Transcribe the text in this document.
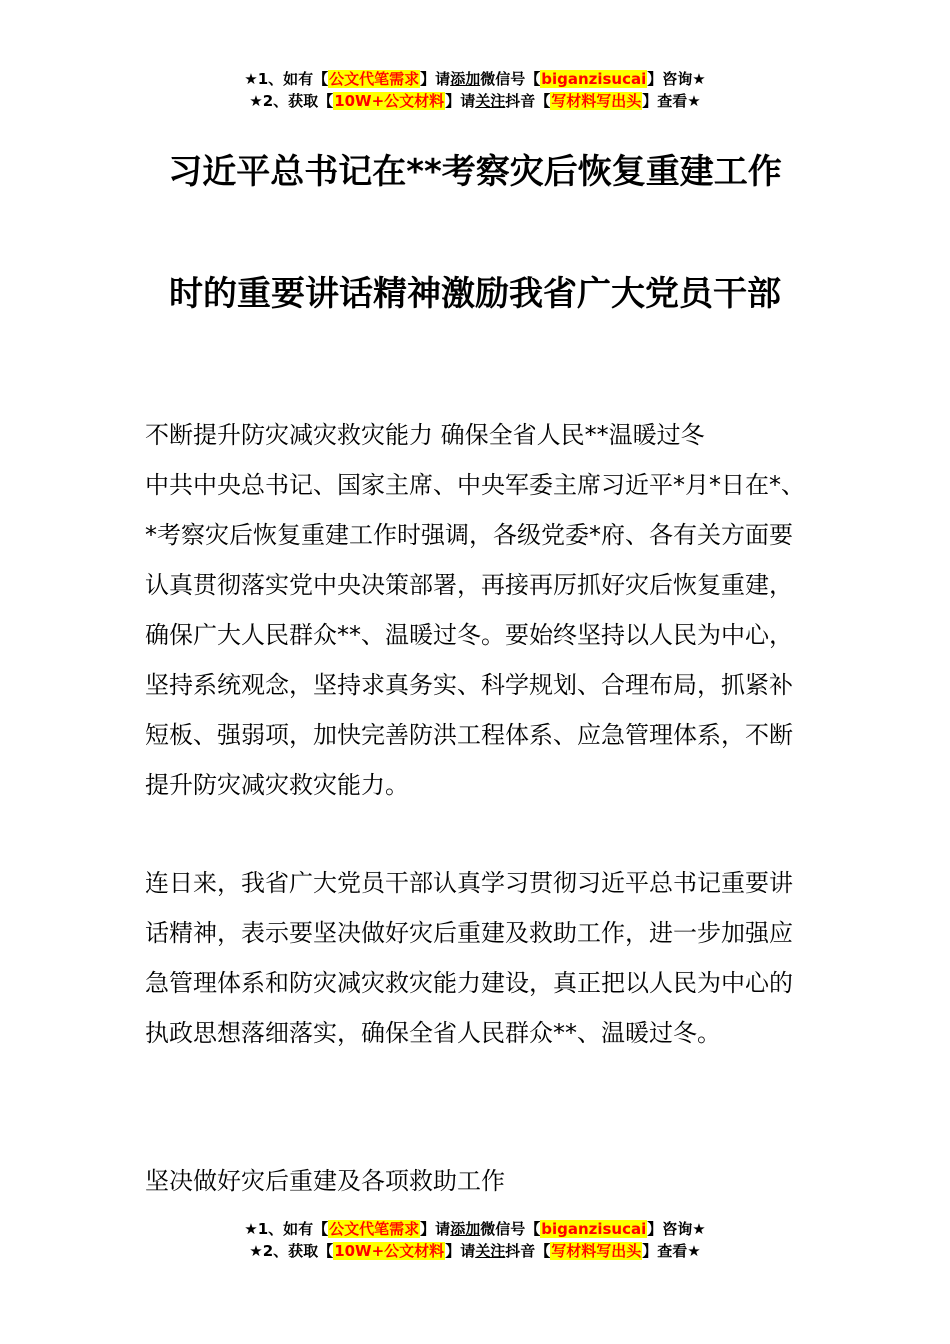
★1、如有【公文代笔需求】请添加微信号【biganzisucai】咨询★
★2、获取【10W+公文材料】请关注抖音【写材料写出头】查看★
习近平总书记在**考察灾后恢复重建工作
时的重要讲话精神激励我省广大党员干部

不断提升防灾减灾救灾能力 确保全省人民**温暖过冬

中共中央总书记、国家主席、中央军委主席习近平*月*日在*、*考察灾后恢复重建工作时强调，各级党委*府、各有关方面要认真贯彻落实党中央决策部署，再接再厉抓好灾后恢复重建，确保广大人民群众**、温暖过冬。要始终坚持以人民为中心，坚持系统观念，坚持求真务实、科学规划、合理布局，抓紧补短板、强弱项，加快完善防洪工程体系、应急管理体系，不断提升防灾减灾救灾能力。

连日来，我省广大党员干部认真学习贯彻习近平总书记重要讲话精神，表示要坚决做好灾后重建及救助工作，进一步加强应急管理体系和防灾减灾救灾能力建设，真正把以人民为中心的执政思想落细落实，确保全省人民群众**、温暖过冬。

坚决做好灾后重建及各项救助工作

★1、如有【公文代笔需求】请添加微信号【biganzisucai】咨询★
★2、获取【10W+公文材料】请关注抖音【写材料写出头】查看★
